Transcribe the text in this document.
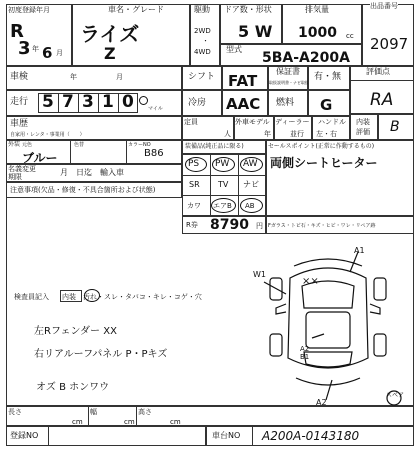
初度登録年月
R
3 年 6 月
車名・グレード
ライズ
Z
駆動
2WD
・
4WD
ドア数・形状
5 W
排気量
1000 cc
型式
5BA-A200A
出品番号
2097
車検	年	月	シフト FAT
保証書
取扱説明書・ナビ取扱
有・無
評価点
RA
走行 5 7 3 1 0	マイル
冷房 AAC 燃料 G
車歴
自家用・レンタ・事業用（　　）
定員
人
外車モデル
年
ディーラー
並行
ハンドル
左・右
内装
評価 B
外装 元色	色替	カラーNO
ブルー	B86
名義変更
期限	月　日迄　輸入車
注意事項(欠品・修復・不具合箇所および状態)
装備品(純正品に限る)
PS PW AW
SR TV ナビ
カワ エアB AB
R券 8790 円
セールスポイント(正常に作動するもの)
両側シートヒーター
Fガラス・トビ石・キズ・ヒビ・ワレ・リペア跡
検査員記入 内装　汚れ・スレ・タバコ・キレ・コゲ・穴
左Rフェンダー XX
右リアルーフパネル P・Pキズ
オズ B ホンワウ
W1
A1
××
A2
B1
A2
スペア
長さ
cm
幅
cm
高さ
cm
登録NO	車台NO A200A-0143180
